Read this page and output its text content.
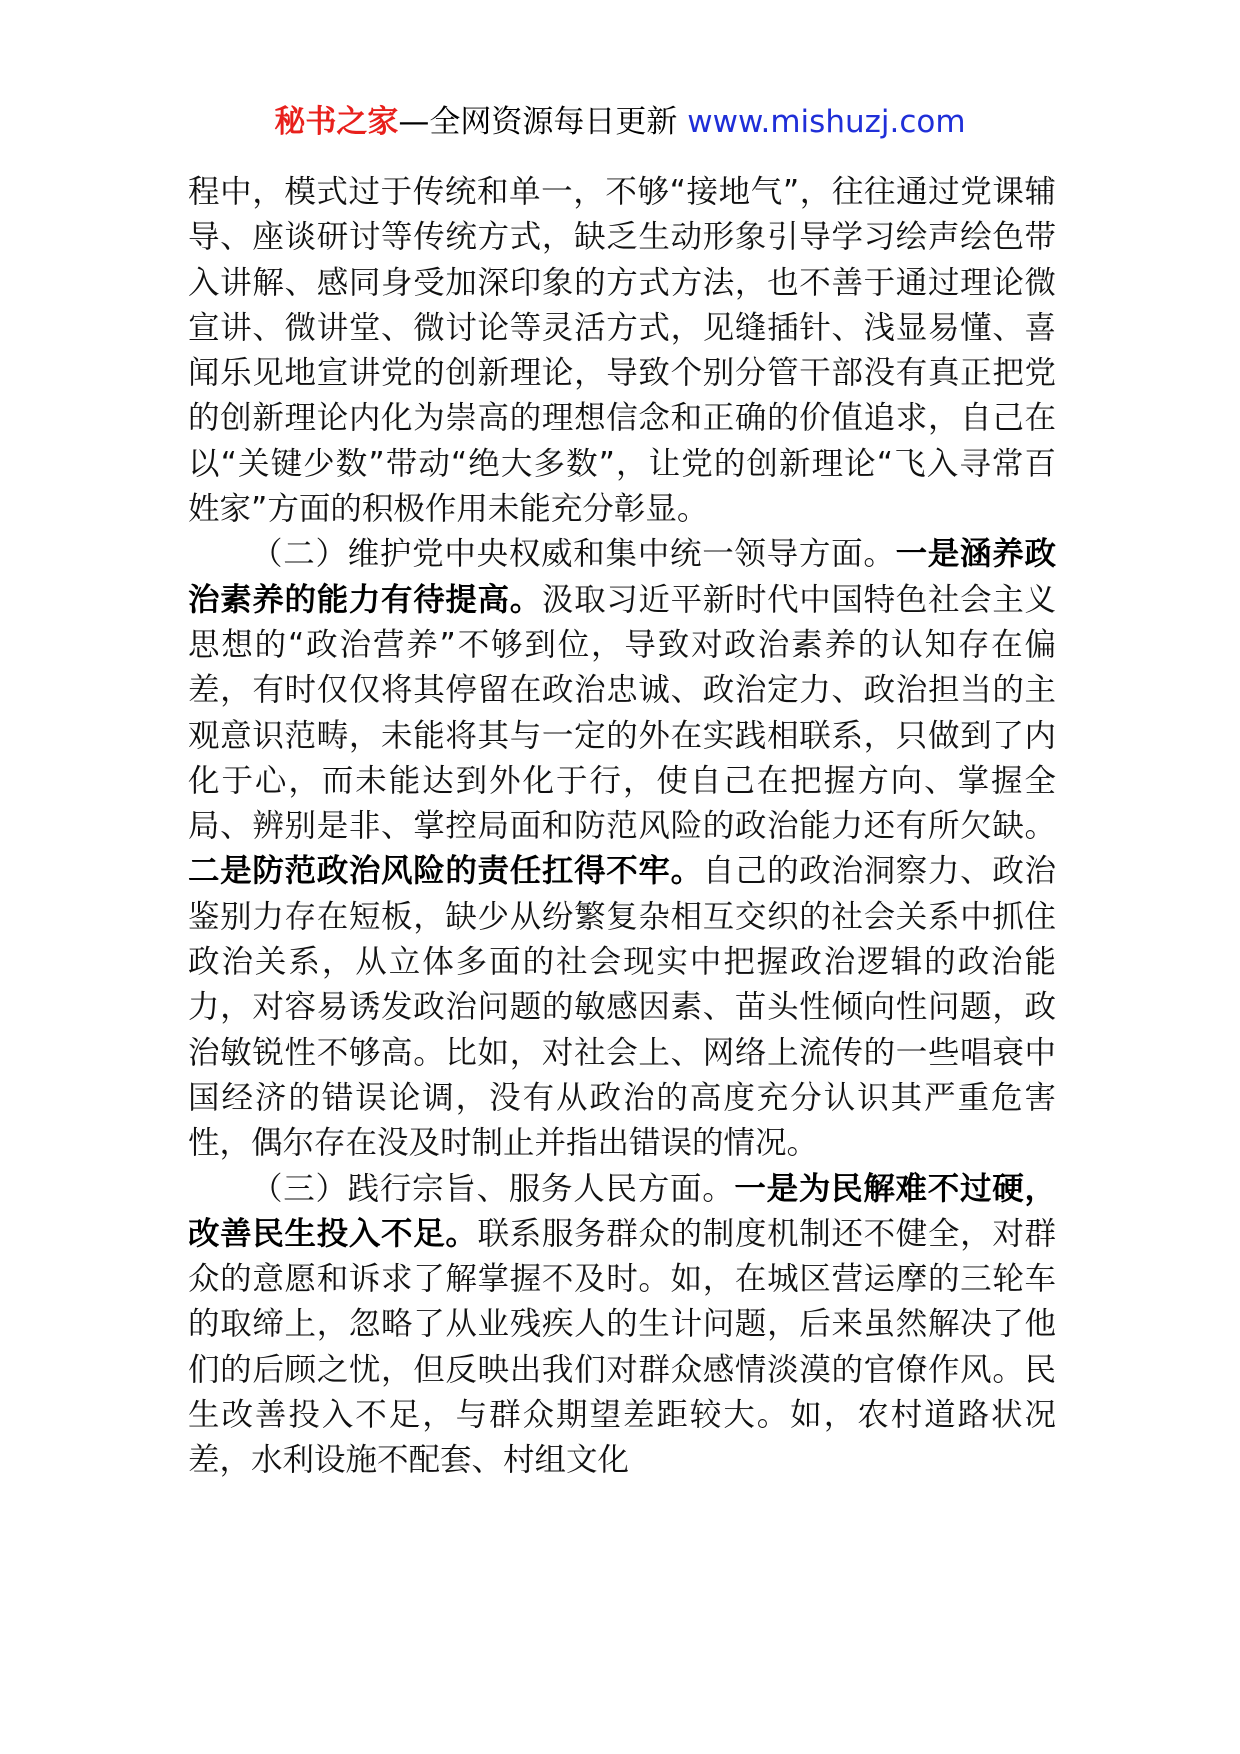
秘书之家—全网资源每日更新 www.mishuzj.com

程中，模式过于传统和单一，不够“接地气”，往往通过党课辅导、座谈研讨等传统方式，缺乏生动形象引导学习绘声绘色带入讲解、感同身受加深印象的方式方法，也不善于通过理论微宣讲、微讲堂、微讨论等灵活方式，见缝插针、浅显易懂、喜闻乐见地宣讲党的创新理论，导致个别分管干部没有真正把党的创新理论内化为崇高的理想信念和正确的价值追求，自己在以“关键少数”带动“绝大多数”，让党的创新理论“飞入寻常百姓家”方面的积极作用未能充分彰显。

（二）维护党中央权威和集中统一领导方面。一是涵养政治素养的能力有待提高。汲取习近平新时代中国特色社会主义思想的“政治营养”不够到位，导致对政治素养的认知存在偏差，有时仅仅将其停留在政治忠诚、政治定力、政治担当的主观意识范畴，未能将其与一定的外在实践相联系，只做到了内化于心，而未能达到外化于行，使自己在把握方向、掌握全局、辨别是非、掌控局面和防范风险的政治能力还有所欠缺。二是防范政治风险的责任扛得不牢。自己的政治洞察力、政治鉴别力存在短板，缺少从纷繁复杂相互交织的社会关系中抓住政治关系，从立体多面的社会现实中把握政治逻辑的政治能力，对容易诱发政治问题的敏感因素、苗头性倾向性问题，政治敏锐性不够高。比如，对社会上、网络上流传的一些唱衰中国经济的错误论调，没有从政治的高度充分认识其严重危害性，偶尔存在没及时制止并指出错误的情况。

（三）践行宗旨、服务人民方面。一是为民解难不过硬，改善民生投入不足。联系服务群众的制度机制还不健全，对群众的意愿和诉求了解掌握不及时。如，在城区营运摩的三轮车的取缔上，忽略了从业残疾人的生计问题，后来虽然解决了他们的后顾之忧，但反映出我们对群众感情淡漠的官僚作风。民生改善投入不足，与群众期望差距较大。如，农村道路状况差，水利设施不配套、村组文化
